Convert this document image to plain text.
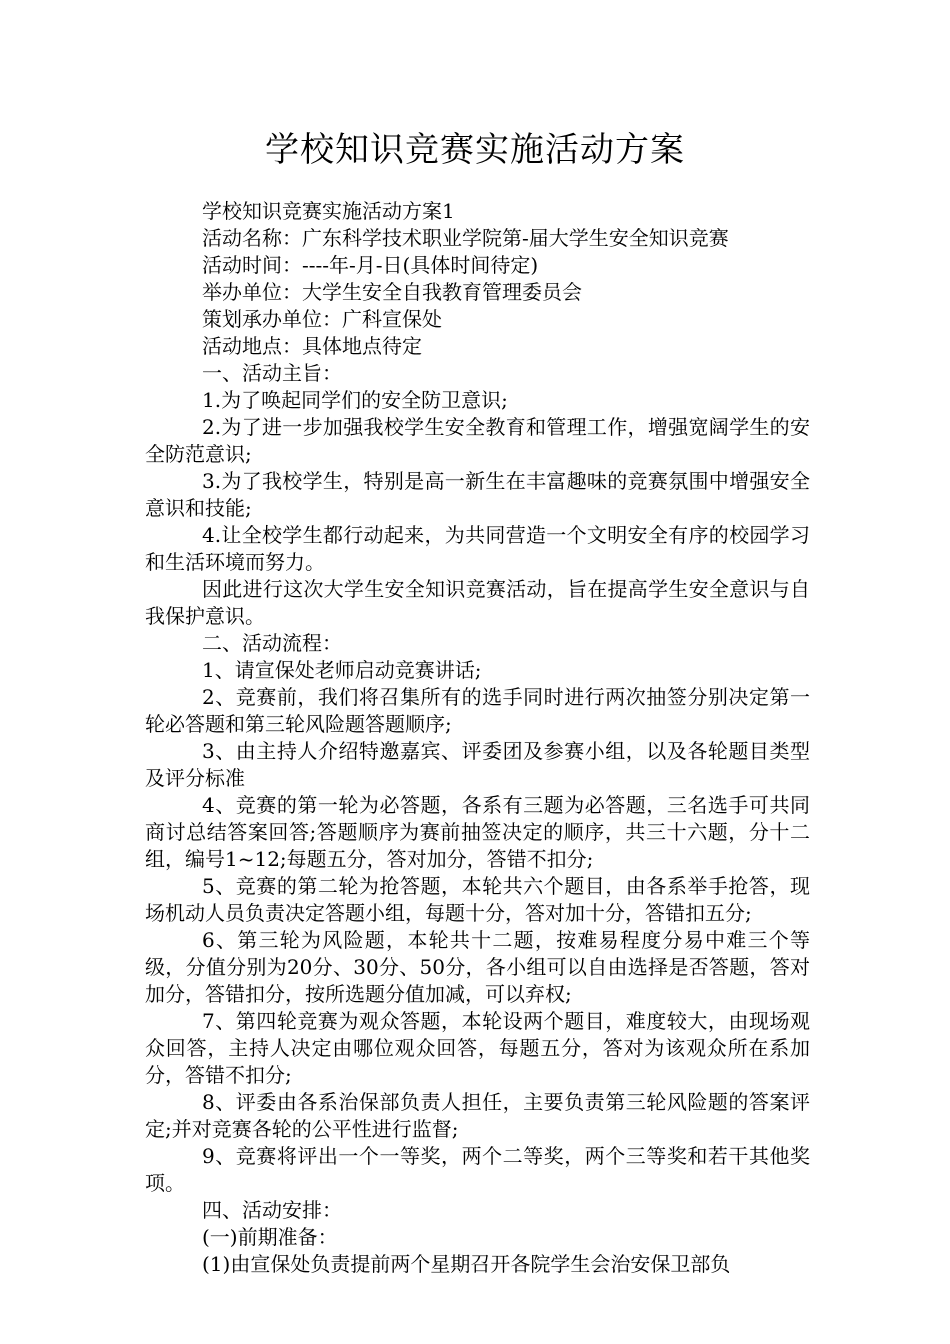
学校知识竞赛实施活动方案

学校知识竞赛实施活动方案1

活动名称：广东科学技术职业学院第-届大学生安全知识竞赛

活动时间：----年-月-日(具体时间待定)

举办单位：大学生安全自我教育管理委员会

策划承办单位：广科宣保处

活动地点：具体地点待定

一、活动主旨：

1.为了唤起同学们的安全防卫意识;

2.为了进一步加强我校学生安全教育和管理工作，增强宽阔学生的安全防范意识;

3.为了我校学生，特别是高一新生在丰富趣味的竞赛氛围中增强安全意识和技能;

4.让全校学生都行动起来，为共同营造一个文明安全有序的校园学习和生活环境而努力。

因此进行这次大学生安全知识竞赛活动，旨在提高学生安全意识与自我保护意识。

二、活动流程：

1、请宣保处老师启动竞赛讲话;

2、竞赛前，我们将召集所有的选手同时进行两次抽签分别决定第一轮必答题和第三轮风险题答题顺序;

3、由主持人介绍特邀嘉宾、评委团及参赛小组，以及各轮题目类型及评分标准

4、竞赛的第一轮为必答题，各系有三题为必答题，三名选手可共同商讨总结答案回答;答题顺序为赛前抽签决定的顺序，共三十六题，分十二组，编号1~12;每题五分，答对加分，答错不扣分;

5、竞赛的第二轮为抢答题，本轮共六个题目，由各系举手抢答，现场机动人员负责决定答题小组，每题十分，答对加十分，答错扣五分;

6、第三轮为风险题，本轮共十二题，按难易程度分易中难三个等级，分值分别为20分、30分、50分，各小组可以自由选择是否答题，答对加分，答错扣分，按所选题分值加减，可以弃权;

7、第四轮竞赛为观众答题，本轮设两个题目，难度较大，由现场观众回答，主持人决定由哪位观众回答，每题五分，答对为该观众所在系加分，答错不扣分;

8、评委由各系治保部负责人担任，主要负责第三轮风险题的答案评定;并对竞赛各轮的公平性进行监督;

9、竞赛将评出一个一等奖，两个二等奖，两个三等奖和若干其他奖项。

四、活动安排：

(一)前期准备：

(1)由宣保处负责提前两个星期召开各院学生会治安保卫部负
